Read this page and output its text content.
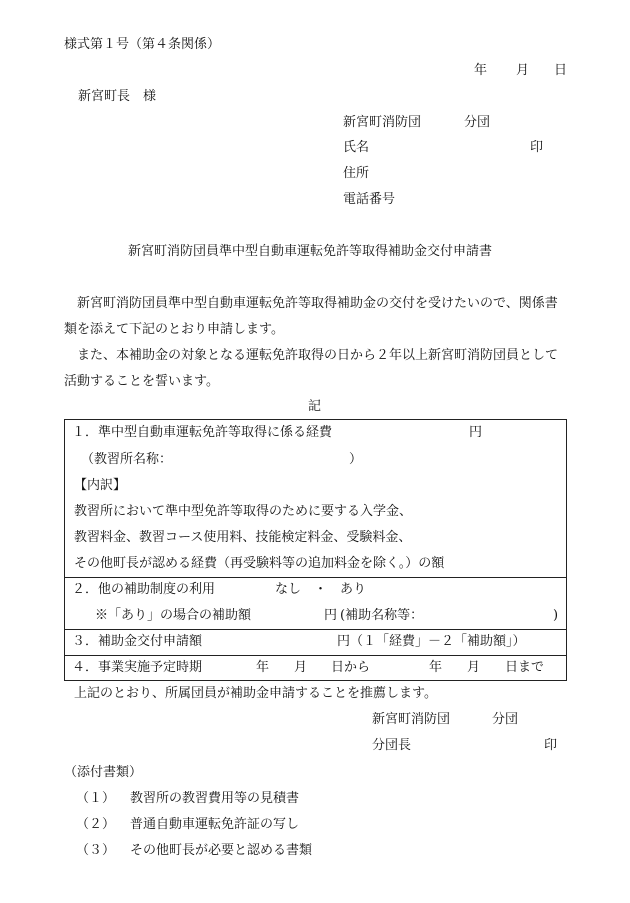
様式第１号（第４条関係）
年 月 日
新宮町長　様
新宮町消防団	分団
氏名	印
住所
電話番号
新宮町消防団員準中型自動車運転免許等取得補助金交付申請書
新宮町消防団員準中型自動車運転免許等取得補助金の交付を受けたいので、関係書
類を添えて下記のとおり申請します。
また、本補助金の対象となる運転免許取得の日から２年以上新宮町消防団員として
活動することを誓います。
記
１．準中型自動車運転免許等取得に係る経費	円
（教習所名称：	）
【内訳】
教習所において準中型免許等取得のために要する入学金、
教習料金、教習コース使用料、技能検定料金、受験料金、
その他町長が認める経費（再受験料等の追加料金を除く。）の額
２．他の補助制度の利用	なし　・　あり
※「あり」の場合の補助額	円 (補助名称等：	)
３．補助金交付申請額	円（１「経費」－２「補助額」）
４．事業実施予定時期	年 月 日から	年 月 日まで
上記のとおり、所属団員が補助金申請することを推薦します。
新宮町消防団	分団
分団長	印
（添付書類）
（１） 教習所の教習費用等の見積書
（２） 普通自動車運転免許証の写し
（３） その他町長が必要と認める書類
